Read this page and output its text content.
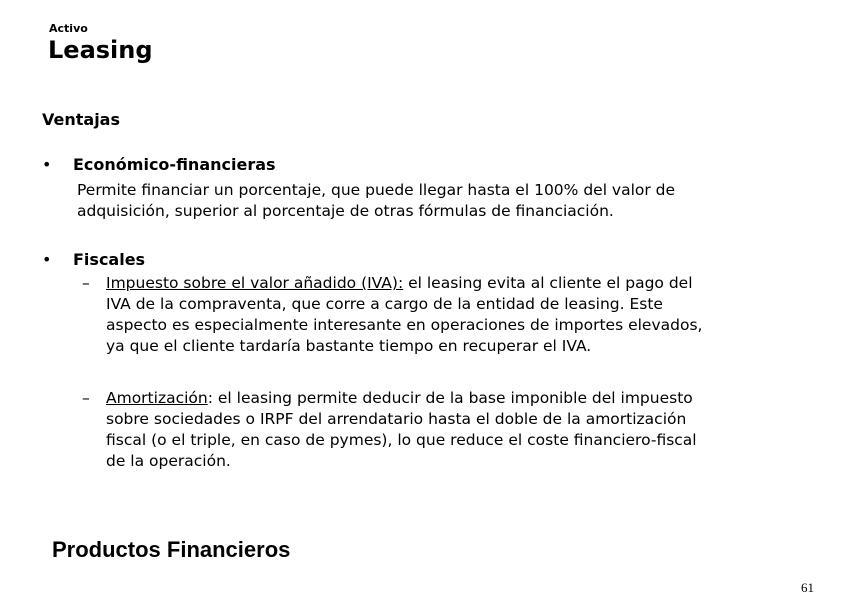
Activo
Leasing
Ventajas
• Económico-financieras
Permite financiar un porcentaje, que puede llegar hasta el 100% del valor de
adquisición, superior al porcentaje de otras fórmulas de financiación.
• Fiscales
– Impuesto sobre el valor añadido (IVA): el leasing evita al cliente el pago del
IVA de la compraventa, que corre a cargo de la entidad de leasing. Este
aspecto es especialmente interesante en operaciones de importes elevados,
ya que el cliente tardaría bastante tiempo en recuperar el IVA.
– Amortización: el leasing permite deducir de la base imponible del impuesto
sobre sociedades o IRPF del arrendatario hasta el doble de la amortización
fiscal (o el triple, en caso de pymes), lo que reduce el coste financiero-fiscal
de la operación.
Productos Financieros
61
